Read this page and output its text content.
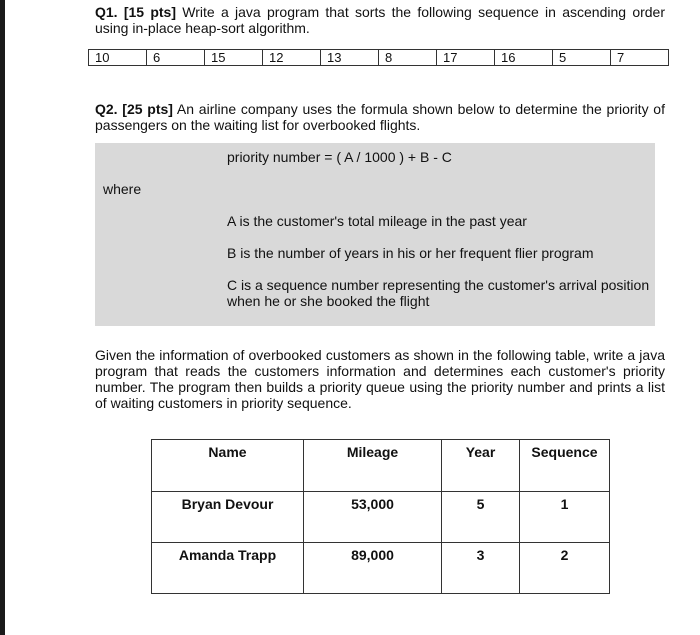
Q1. [15 pts] Write a java program that sorts the following sequence in ascending order using in-place heap-sort algorithm.
10	6	15	12	13	8	17	16	5	7
Q2. [25 pts] An airline company uses the formula shown below to determine the priority of passengers on the waiting list for overbooked flights.
priority number = ( A / 1000 ) + B - C
where
A is the customer's total mileage in the past year
B is the number of years in his or her frequent flier program
C is a sequence number representing the customer's arrival position when he or she booked the flight
Given the information of overbooked customers as shown in the following table, write a java program that reads the customers information and determines each customer's priority number. The program then builds a priority queue using the priority number and prints a list of waiting customers in priority sequence.
Name	Mileage	Year	Sequence
Bryan Devour	53,000	5	1
Amanda Trapp	89,000	3	2
